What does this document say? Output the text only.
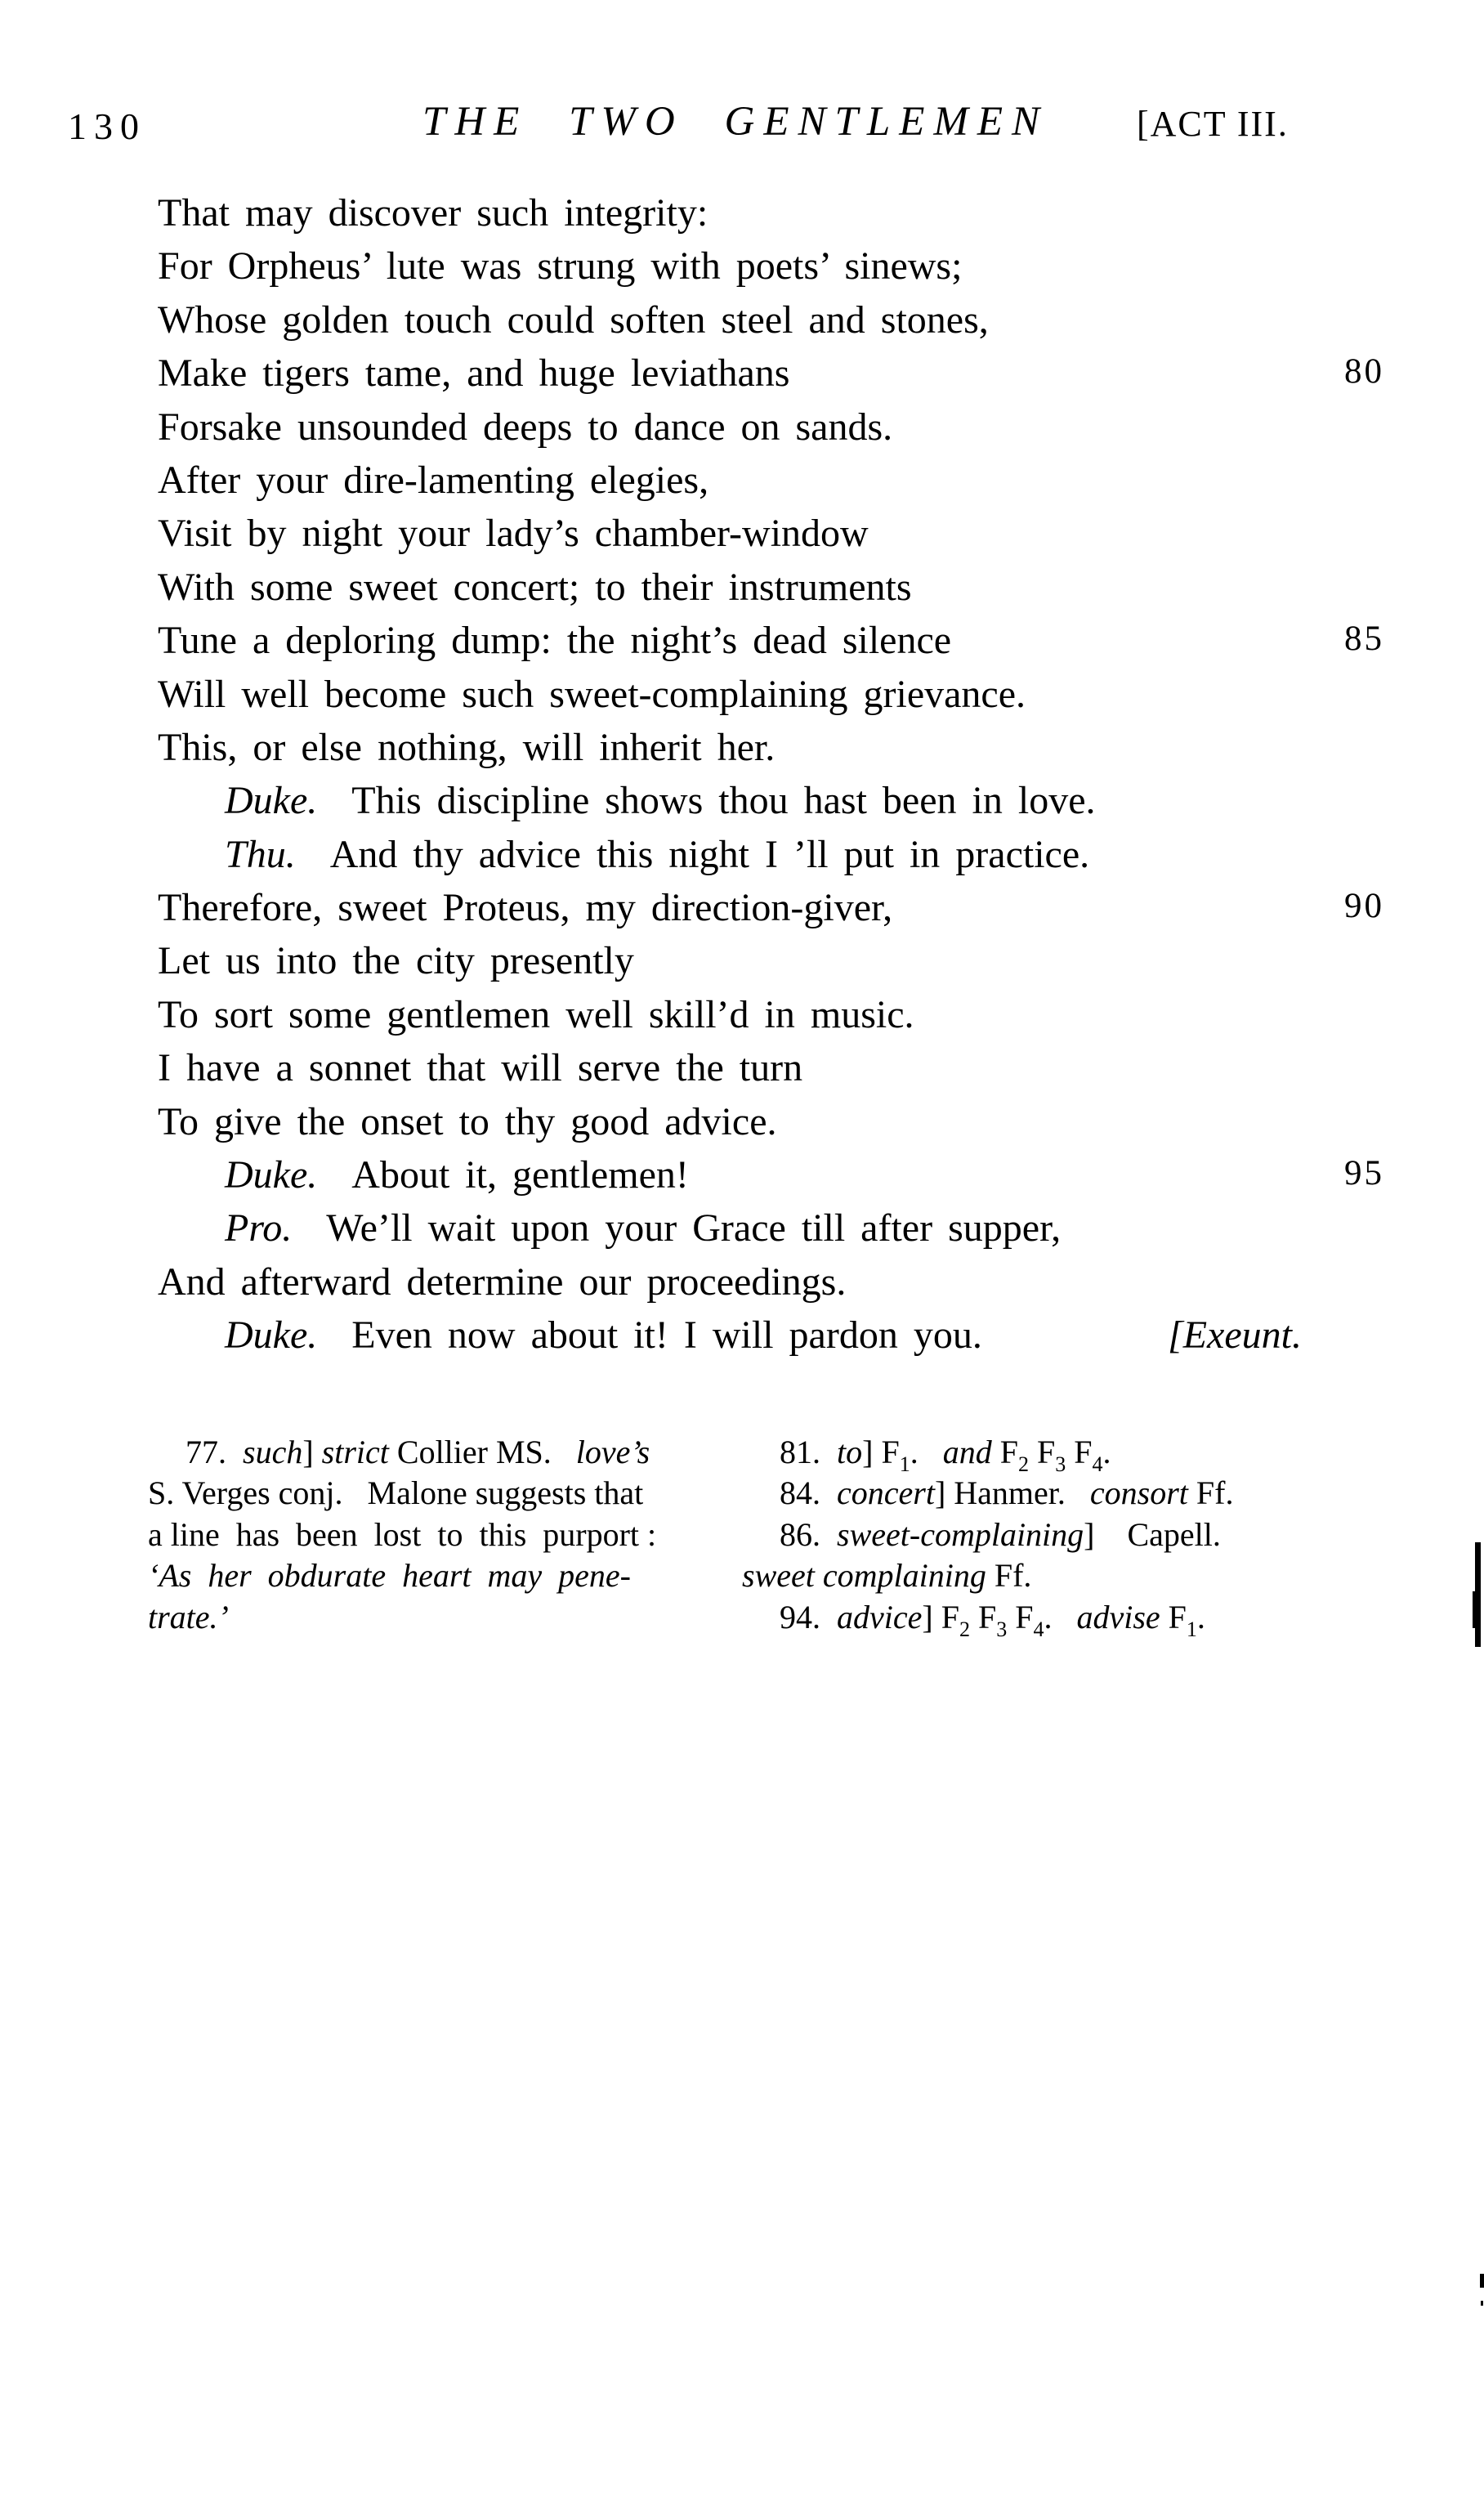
130	THE TWO GENTLEMEN	[ACT III.
That may discover such integrity:
For Orpheus’ lute was strung with poets’ sinews;
Whose golden touch could soften steel and stones,
Make tigers tame, and huge leviathans
Forsake unsounded deeps to dance on sands.
After your dire-lamenting elegies,
Visit by night your lady’s chamber-window
With some sweet concert; to their instruments
Tune a deploring dump: the night’s dead silence
Will well become such sweet-complaining grievance.
This, or else nothing, will inherit her.
Duke. This discipline shows thou hast been in love.
Thu. And thy advice this night I ’ll put in practice.
Therefore, sweet Proteus, my direction-giver,
Let us into the city presently
To sort some gentlemen well skill’d in music.
I have a sonnet that will serve the turn
To give the onset to thy good advice.
Duke. About it, gentlemen!
Pro. We’ll wait upon your Grace till after supper,
And afterward determine our proceedings.
[Exeunt.
Duke. Even now about it! I will pardon you.
77.  such] strict Collier MS.   love’s
S. Verges conj.   Malone suggests that
a line  has  been  lost  to  this  purport :
‘As  her  obdurate  heart  may  pene-
trate.’
81.  to] $F_1$.   and $F_2$ $F_3$ $F_4$.
84.  concert] Hanmer.   consort Ff.
86.  sweet-complaining]    Capell.
sweet complaining Ff.
94.  advice] $F_2$ $F_3$ $F_4$.   advise $F_1$.
80
85
90
95
